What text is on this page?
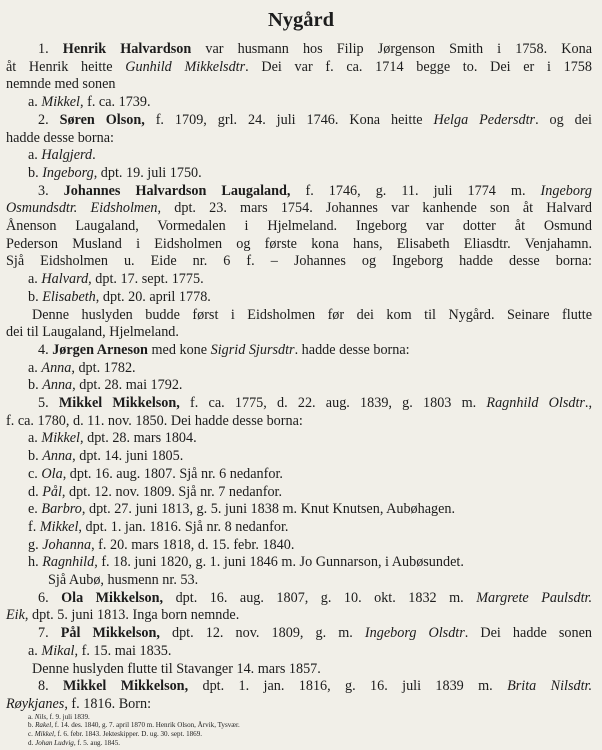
Nygård
1. Henrik Halvardson var husmann hos Filip Jørgenson Smith i 1758. Kona
åt Henrik heitte Gunhild Mikkelsdtr. Dei var f. ca. 1714 begge to. Dei er i 1758
nemnde med sonen
a. Mikkel, f. ca. 1739.
2. Søren Olson, f. 1709, grl. 24. juli 1746. Kona heitte Helga Pedersdtr. og dei
hadde desse borna:
a. Halgjerd.
b. Ingeborg, dpt. 19. juli 1750.
3. Johannes Halvardson Laugaland, f. 1746, g. 11. juli 1774 m. Ingeborg
Osmundsdtr. Eidsholmen, dpt. 23. mars 1754. Johannes var kanhende son åt Halvard
Ånenson Laugaland, Vormedalen i Hjelmeland. Ingeborg var dotter åt Osmund
Pederson Musland i Eidsholmen og første kona hans, Elisabeth Eliasdtr. Venjahamn.
Sjå Eidsholmen u. Eide nr. 6 f. – Johannes og Ingeborg hadde desse borna:
a. Halvard, dpt. 17. sept. 1775.
b. Elisabeth, dpt. 20. april 1778.
Denne huslyden budde først i Eidsholmen før dei kom til Nygård. Seinare flutte
dei til Laugaland, Hjelmeland.
4. Jørgen Arneson med kone Sigrid Sjursdtr. hadde desse borna:
a. Anna, dpt. 1782.
b. Anna, dpt. 28. mai 1792.
5. Mikkel Mikkelson, f. ca. 1775, d. 22. aug. 1839, g. 1803 m. Ragnhild Olsdtr.,
f. ca. 1780, d. 11. nov. 1850. Dei hadde desse borna:
a. Mikkel, dpt. 28. mars 1804.
b. Anna, dpt. 14. juni 1805.
c. Ola, dpt. 16. aug. 1807. Sjå nr. 6 nedanfor.
d. Pål, dpt. 12. nov. 1809. Sjå nr. 7 nedanfor.
e. Barbro, dpt. 27. juni 1813, g. 5. juni 1838 m. Knut Knutsen, Aubøhagen.
f. Mikkel, dpt. 1. jan. 1816. Sjå nr. 8 nedanfor.
g. Johanna, f. 20. mars 1818, d. 15. febr. 1840.
h. Ragnhild, f. 18. juni 1820, g. 1. juni 1846 m. Jo Gunnarson, i Aubøsundet.
Sjå Aubø, husmenn nr. 53.
6. Ola Mikkelson, dpt. 16. aug. 1807, g. 10. okt. 1832 m. Margrete Paulsdtr.
Eik, dpt. 5. juni 1813. Inga born nemnde.
7. Pål Mikkelson, dpt. 12. nov. 1809, g. m. Ingeborg Olsdtr. Dei hadde sonen
a. Mikal, f. 15. mai 1835.
Denne huslyden flutte til Stavanger 14. mars 1857.
8. Mikkel Mikkelson, dpt. 1. jan. 1816, g. 16. juli 1839 m. Brita Nilsdtr.
Røykjanes, f. 1816. Born:
a. Nils, f. 9. juli 1839.
b. Rakel, f. 14. des. 1840, g. 7. april 1870 m. Henrik Olson, Årvik, Tysvær.
c. Mikkel, f. 6. febr. 1843. Jekteskipper. D. ug. 30. sept. 1869.
d. Johan Ludvig, f. 5. aug. 1845.
